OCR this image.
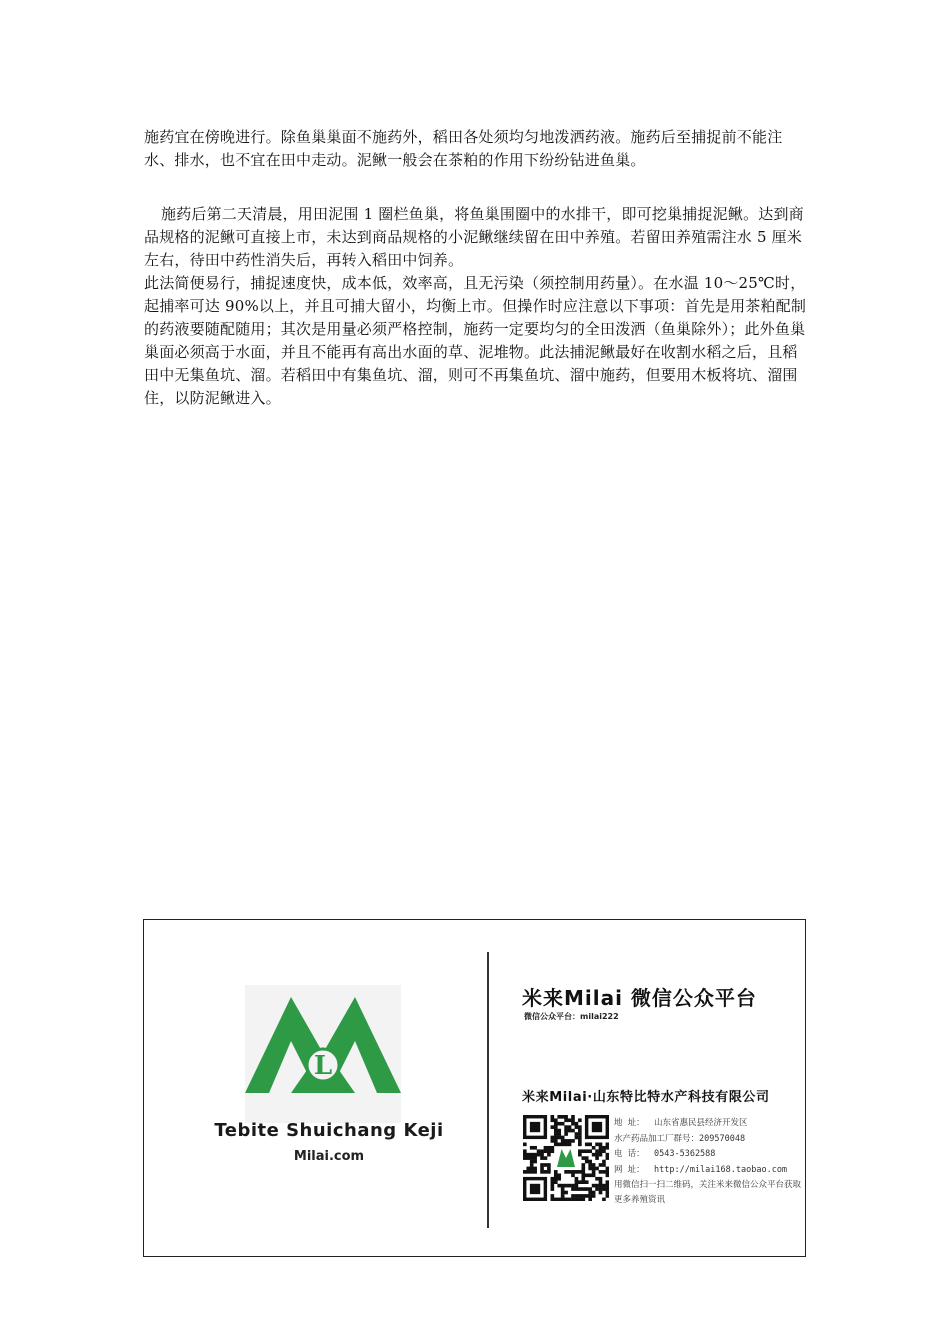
施药宜在傍晚进行。除鱼巢巢面不施药外，稻田各处须均匀地泼洒药液。施药后至捕捉前不能注水、排水，也不宜在田中走动。泥鳅一般会在茶粕的作用下纷纷钻进鱼巢。

施药后第二天清晨，用田泥围 1 圈栏鱼巢，将鱼巢围圈中的水排干，即可挖巢捕捉泥鳅。达到商品规格的泥鳅可直接上市，未达到商品规格的小泥鳅继续留在田中养殖。若留田养殖需注水 5 厘米左右，待田中药性消失后，再转入稻田中饲养。

此法简便易行，捕捉速度快，成本低，效率高，且无污染（须控制用药量）。在水温 10～25℃时，起捕率可达 90%以上，并且可捕大留小，均衡上市。但操作时应注意以下事项：首先是用茶粕配制的药液要随配随用；其次是用量必须严格控制，施药一定要均匀的全田泼洒（鱼巢除外）；此外鱼巢巢面必须高于水面，并且不能再有高出水面的草、泥堆物。此法捕泥鳅最好在收割水稻之后，且稻田中无集鱼坑、溜。若稻田中有集鱼坑、溜，则可不再集鱼坑、溜中施药，但要用木板将坑、溜围住，以防泥鳅进入。

L
Tebite Shuichang Keji
Milai.com
米来Milai 微信公众平台
微信公众平台：milai222
米来Milai·山东特比特水产科技有限公司
地 址： 山东省惠民县经济开发区
水产药品加工厂群号：209570048
电 话： 0543-5362588
网 址： http://milai168.taobao.com
用微信扫一扫二维码，关注米来微信公众平台获取更多养殖资讯
